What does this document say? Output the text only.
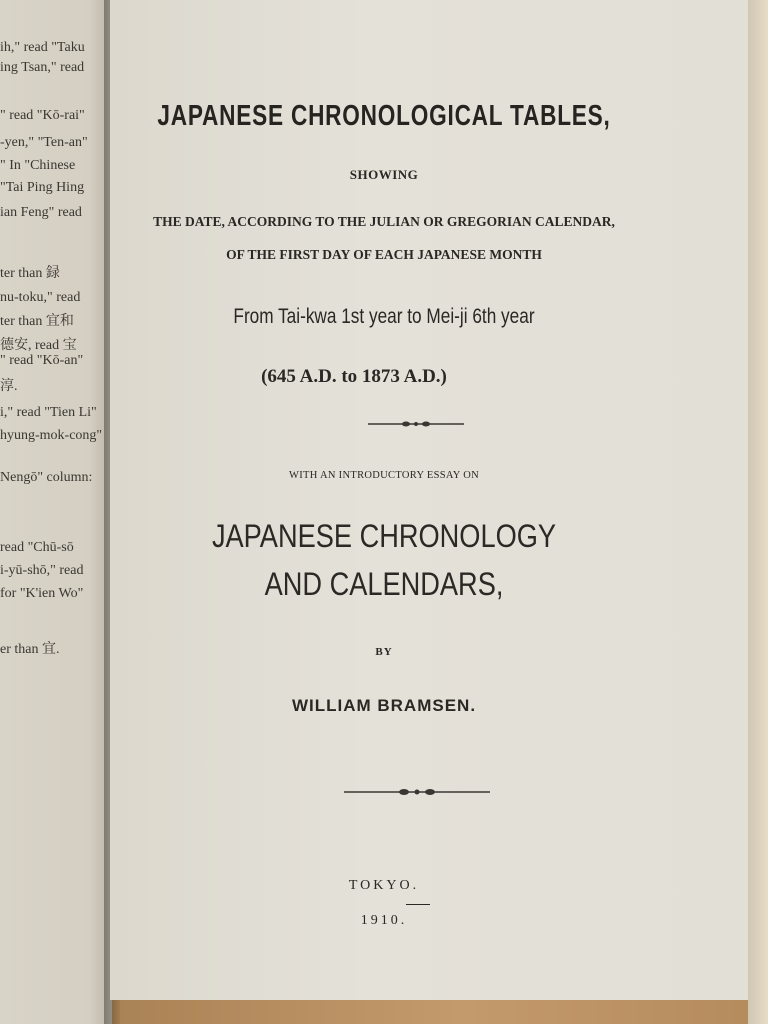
ih," read "Taku
ing Tsan," read
" read "Kō-rai"
-yen," "Ten-an"
" In "Chinese
"Tai Ping Hing
ian Feng" read
ter than 録
nu-toku," read
ter than 宜和
德安, read 宝
" read "Kō-an"
淳.
i," read "Tien Li"
hyung-mok-cong"
Nengō" column:
read "Chū-sō
i-yū-shō," read
for "K'ien Wo"
er than 宜.

JAPANESE CHRONOLOGICAL TABLES,

SHOWING

THE DATE, ACCORDING TO THE JULIAN OR GREGORIAN CALENDAR,

OF THE FIRST DAY OF EACH JAPANESE MONTH

From Tai-kwa 1st year to Mei-ji 6th year

(645 A.D. to 1873 A.D.)

WITH AN INTRODUCTORY ESSAY ON

JAPANESE CHRONOLOGY

AND CALENDARS,

BY

WILLIAM BRAMSEN.

TOKYO.

1910.
